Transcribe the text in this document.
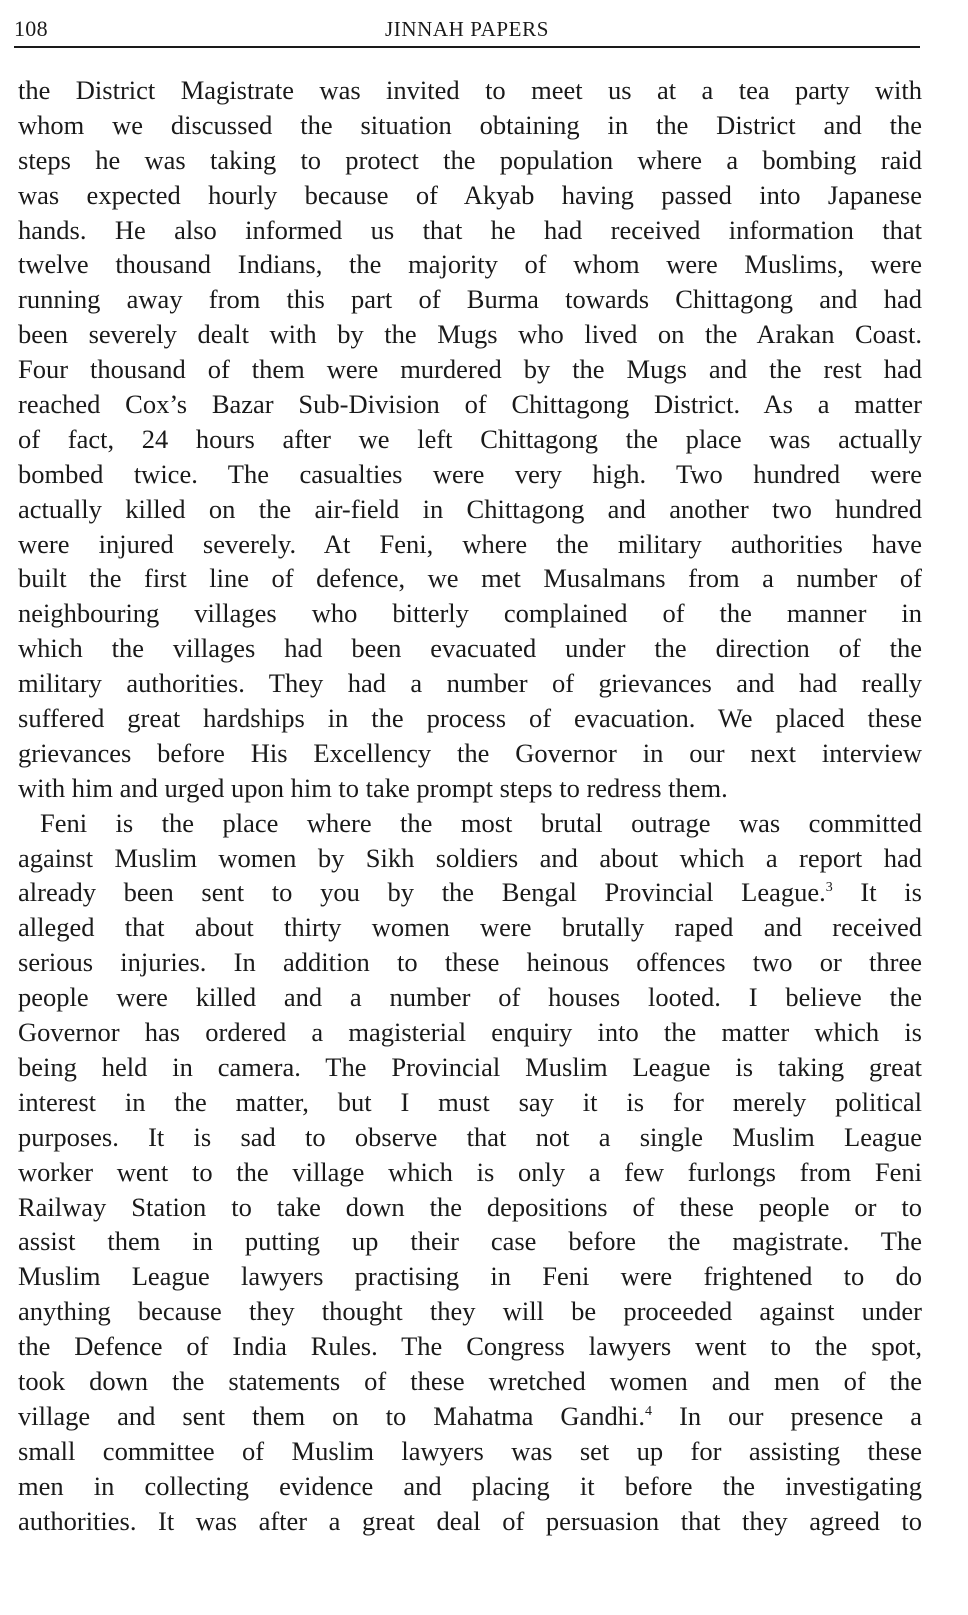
108	JINNAH PAPERS
the District Magistrate was invited to meet us at a tea party with
whom we discussed the situation obtaining in the District and the
steps he was taking to protect the population where a bombing raid
was expected hourly because of Akyab having passed into Japanese
hands. He also informed us that he had received information that
twelve thousand Indians, the majority of whom were Muslims, were
running away from this part of Burma towards Chittagong and had
been severely dealt with by the Mugs who lived on the Arakan Coast.
Four thousand of them were murdered by the Mugs and the rest had
reached Cox’s Bazar Sub-Division of Chittagong District. As a matter
of fact, 24 hours after we left Chittagong the place was actually
bombed twice. The casualties were very high. Two hundred were
actually killed on the air-field in Chittagong and another two hundred
were injured severely. At Feni, where the military authorities have
built the first line of defence, we met Musalmans from a number of
neighbouring villages who bitterly complained of the manner in
which the villages had been evacuated under the direction of the
military authorities. They had a number of grievances and had really
suffered great hardships in the process of evacuation. We placed these
grievances before His Excellency the Governor in our next interview
with him and urged upon him to take prompt steps to redress them.
Feni is the place where the most brutal outrage was committed
against Muslim women by Sikh soldiers and about which a report had
already been sent to you by the Bengal Provincial League.$^3$ It is
alleged that about thirty women were brutally raped and received
serious injuries. In addition to these heinous offences two or three
people were killed and a number of houses looted. I believe the
Governor has ordered a magisterial enquiry into the matter which is
being held in camera. The Provincial Muslim League is taking great
interest in the matter, but I must say it is for merely political
purposes. It is sad to observe that not a single Muslim League
worker went to the village which is only a few furlongs from Feni
Railway Station to take down the depositions of these people or to
assist them in putting up their case before the magistrate. The
Muslim League lawyers practising in Feni were frightened to do
anything because they thought they will be proceeded against under
the Defence of India Rules. The Congress lawyers went to the spot,
took down the statements of these wretched women and men of the
village and sent them on to Mahatma Gandhi.$^4$ In our presence a
small committee of Muslim lawyers was set up for assisting these
men in collecting evidence and placing it before the investigating
authorities. It was after a great deal of persuasion that they agreed to
